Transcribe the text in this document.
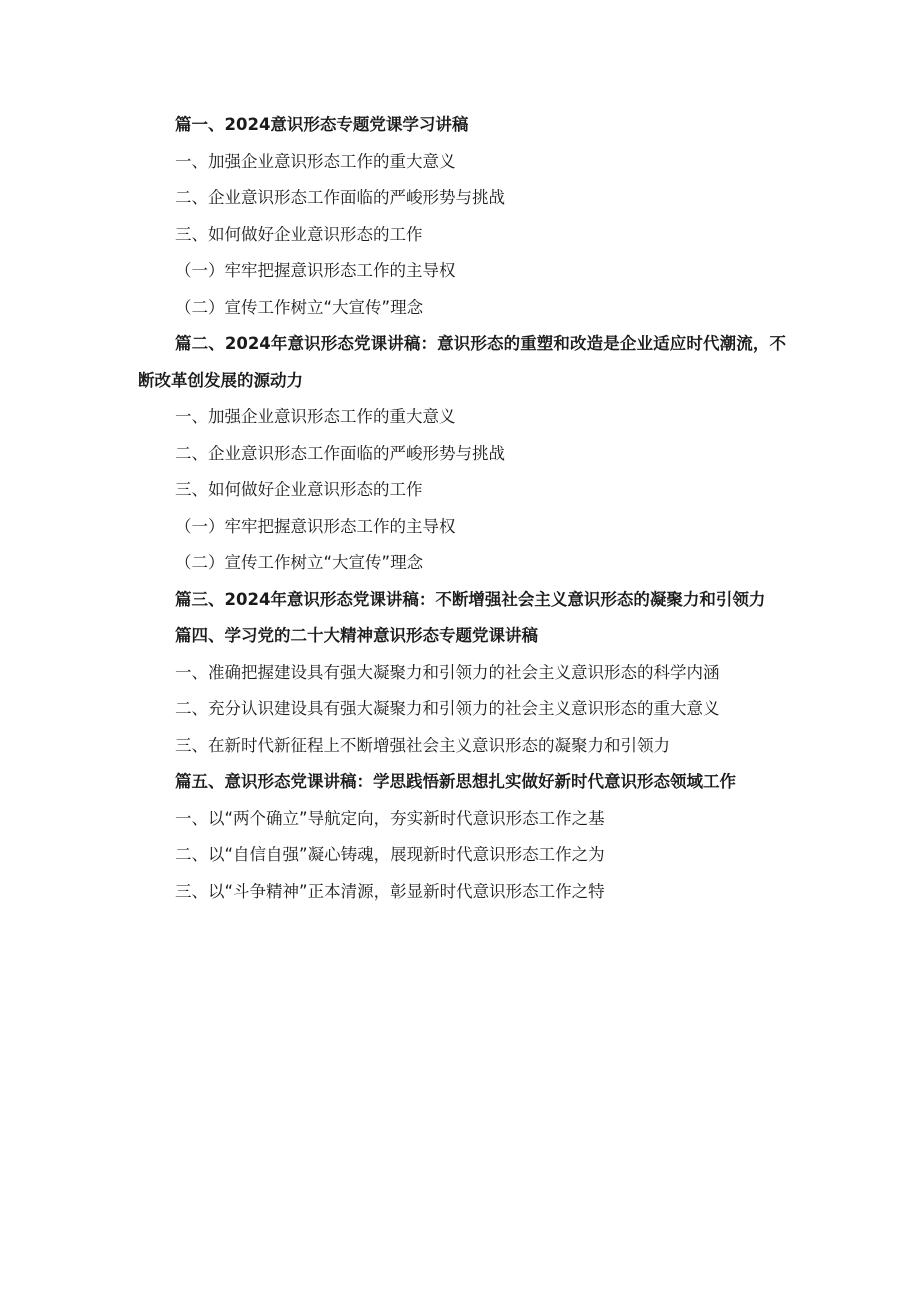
篇一、2024意识形态专题党课学习讲稿
一、加强企业意识形态工作的重大意义
二、企业意识形态工作面临的严峻形势与挑战
三、如何做好企业意识形态的工作
（一）牢牢把握意识形态工作的主导权
（二）宣传工作树立“大宣传”理念
篇二、2024年意识形态党课讲稿：意识形态的重塑和改造是企业适应时代潮流，不断改革创发展的源动力
一、加强企业意识形态工作的重大意义
二、企业意识形态工作面临的严峻形势与挑战
三、如何做好企业意识形态的工作
（一）牢牢把握意识形态工作的主导权
（二）宣传工作树立“大宣传”理念
篇三、2024年意识形态党课讲稿：不断增强社会主义意识形态的凝聚力和引领力
篇四、学习党的二十大精神意识形态专题党课讲稿
一、准确把握建设具有强大凝聚力和引领力的社会主义意识形态的科学内涵
二、充分认识建设具有强大凝聚力和引领力的社会主义意识形态的重大意义
三、在新时代新征程上不断增强社会主义意识形态的凝聚力和引领力
篇五、意识形态党课讲稿：学思践悟新思想扎实做好新时代意识形态领域工作
一、以“两个确立”导航定向，夯实新时代意识形态工作之基
二、以“自信自强”凝心铸魂，展现新时代意识形态工作之为
三、以“斗争精神”正本清源，彰显新时代意识形态工作之特
